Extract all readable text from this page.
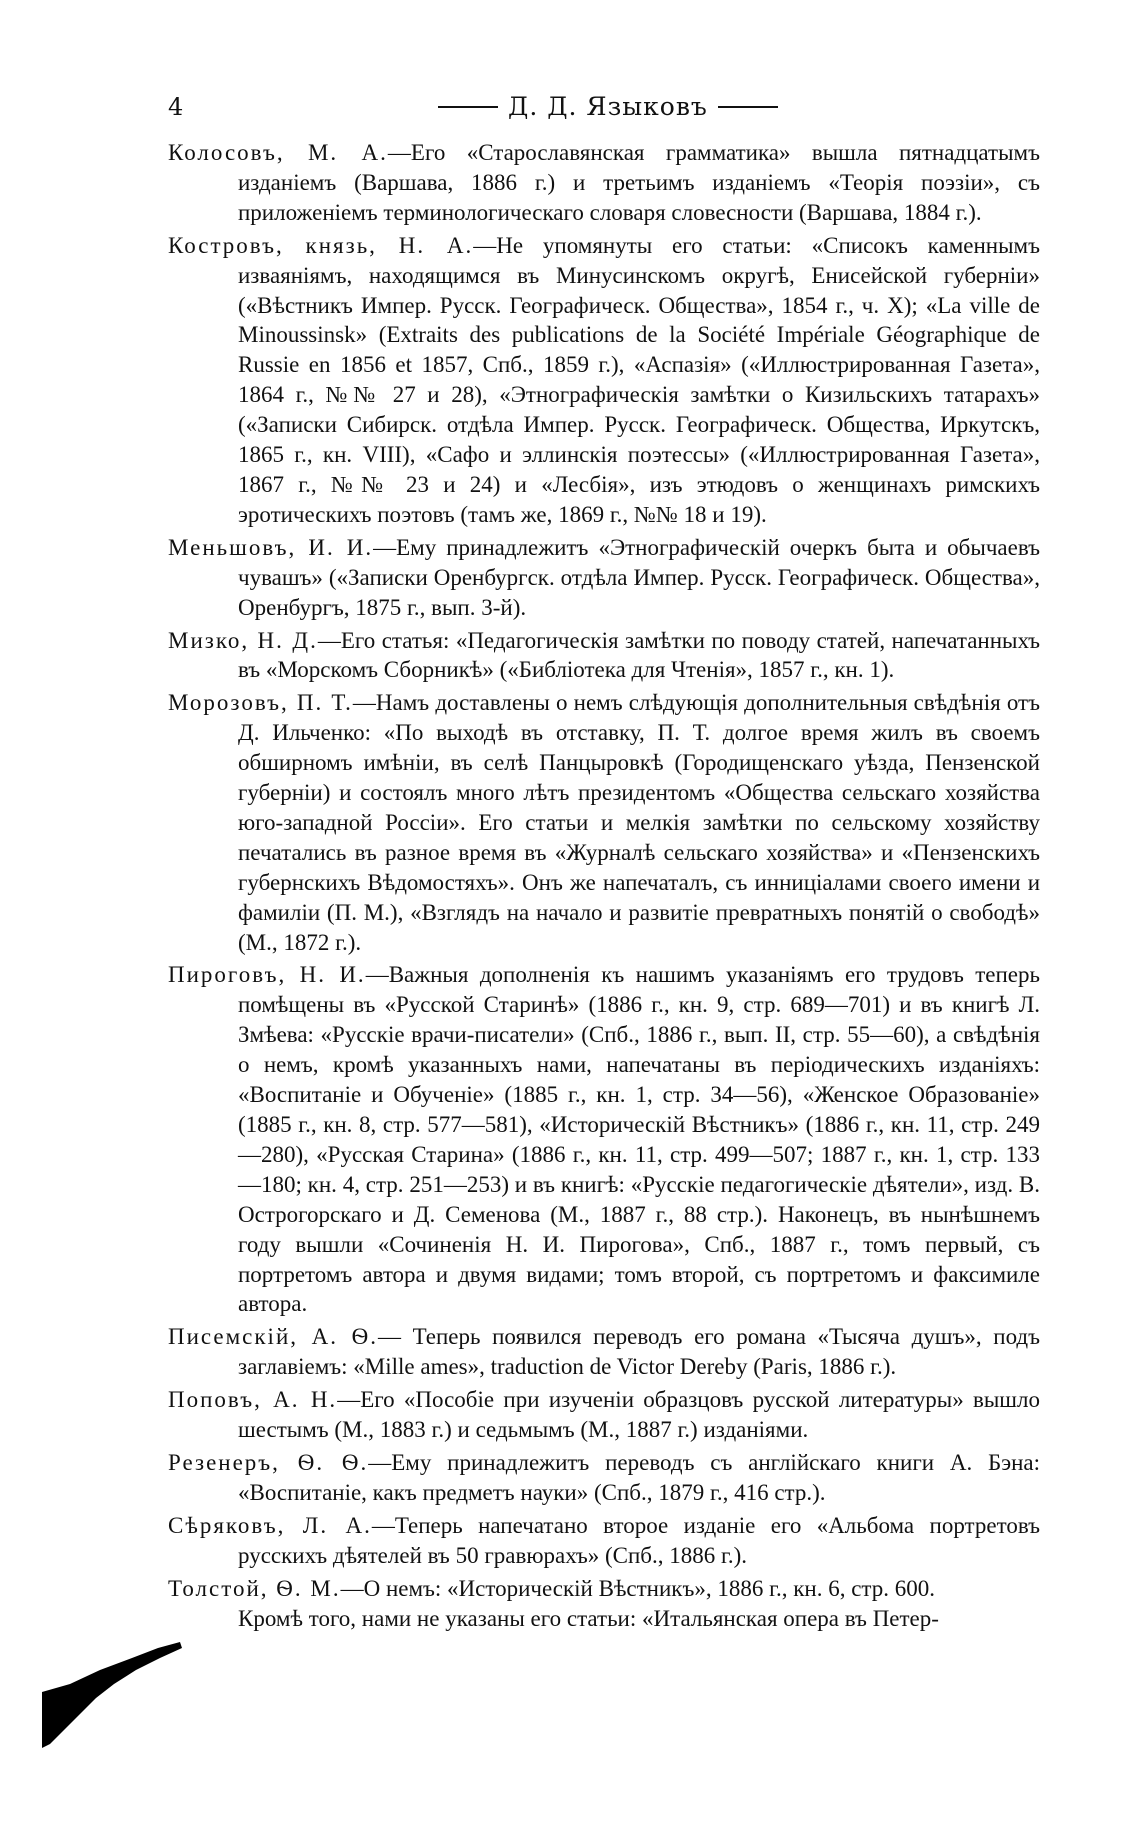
4	Д. Д. Языковъ

Колосовъ, М. А.—Его «Старославянская грамматика» вышла пятнадцатымъ изданіемъ (Варшава, 1886 г.) и третьимъ изданіемъ «Теорія поэзіи», съ приложеніемъ терминологическаго словаря словесности (Варшава, 1884 г.).

Костровъ, князь, Н. А.—Не упомянуты его статьи: «Списокъ каменнымъ изваяніямъ, находящимся въ Минусинскомъ округѣ, Енисейской губерніи» («Вѣстникъ Импер. Русск. Географическ. Общества», 1854 г., ч. X); «La ville de Minoussinsk» (Extraits des publications de la Société Impériale Géographique de Russie en 1856 et 1857, Спб., 1859 г.), «Аспазія» («Иллюстрированная Газета», 1864 г., №№ 27 и 28), «Этнографическія замѣтки о Кизильскихъ татарахъ» («Записки Сибирск. отдѣла Импер. Русск. Географическ. Общества, Иркутскъ, 1865 г., кн. VIII), «Сафо и эллинскія поэтессы» («Иллюстрированная Газета», 1867 г., №№ 23 и 24) и «Лесбія», изъ этюдовъ о женщинахъ римскихъ эротическихъ поэтовъ (тамъ же, 1869 г., №№ 18 и 19).

Меньшовъ, И. И.—Ему принадлежитъ «Этнографическій очеркъ быта и обычаевъ чувашъ» («Записки Оренбургск. отдѣла Импер. Русск. Географическ. Общества», Оренбургъ, 1875 г., вып. 3-й).

Мизко, Н. Д.—Его статья: «Педагогическія замѣтки по поводу статей, напечатанныхъ въ «Морскомъ Сборникѣ» («Библіотека для Чтенія», 1857 г., кн. 1).

Морозовъ, П. Т.—Намъ доставлены о немъ слѣдующія дополнительныя свѣдѣнія отъ Д. Ильченко: «По выходѣ въ отставку, П. Т. долгое время жилъ въ своемъ обширномъ имѣніи, въ селѣ Панцыровкѣ (Городищенскаго уѣзда, Пензенской губерніи) и состоялъ много лѣтъ президентомъ «Общества сельскаго хозяйства юго-западной Россіи». Его статьи и мелкія замѣтки по сельскому хозяйству печатались въ разное время въ «Журналѣ сельскаго хозяйства» и «Пензенскихъ губернскихъ Вѣдомостяхъ». Онъ же напечаталъ, съ инниціалами своего имени и фамиліи (П. М.), «Взглядъ на начало и развитіе превратныхъ понятій о свободѣ» (М., 1872 г.).

Пироговъ, Н. И.—Важныя дополненія къ нашимъ указаніямъ его трудовъ теперь помѣщены въ «Русской Старинѣ» (1886 г., кн. 9, стр. 689—701) и въ книгѣ Л. Змѣева: «Русскіе врачи-писатели» (Спб., 1886 г., вып. II, стр. 55—60), а свѣдѣнія о немъ, кромѣ указанныхъ нами, напечатаны въ періодическихъ изданіяхъ: «Воспитаніе и Обученіе» (1885 г., кн. 1, стр. 34—56), «Женское Образованіе» (1885 г., кн. 8, стр. 577—581), «Историческій Вѣстникъ» (1886 г., кн. 11, стр. 249—280), «Русская Старина» (1886 г., кн. 11, стр. 499—507; 1887 г., кн. 1, стр. 133—180; кн. 4, стр. 251—253) и въ книгѣ: «Русскіе педагогическіе дѣятели», изд. В. Острогорскаго и Д. Семенова (М., 1887 г., 88 стр.). Наконецъ, въ нынѣшнемъ году вышли «Сочиненія Н. И. Пирогова», Спб., 1887 г., томъ первый, съ портретомъ автора и двумя видами; томъ второй, съ портретомъ и факсимиле автора.

Писемскій, А. Ѳ.— Теперь появился переводъ его романа «Тысяча душъ», подъ заглавіемъ: «Mille ames», traduction de Victor Dereby (Paris, 1886 г.).

Поповъ, А. Н.—Его «Пособіе при изученіи образцовъ русской литературы» вышло шестымъ (М., 1883 г.) и седьмымъ (М., 1887 г.) изданіями.

Резенеръ, Ѳ. Ѳ.—Ему принадлежитъ переводъ съ англійскаго книги А. Бэна: «Воспитаніе, какъ предметъ науки» (Спб., 1879 г., 416 стр.).

Сѣряковъ, Л. А.—Теперь напечатано второе изданіе его «Альбома портретовъ русскихъ дѣятелей въ 50 гравюрахъ» (Спб., 1886 г.).

Толстой, Ѳ. М.—О немъ: «Историческій Вѣстникъ», 1886 г., кн. 6, стр. 600.

Кромѣ того, нами не указаны его статьи: «Итальянская опера въ Петер-
